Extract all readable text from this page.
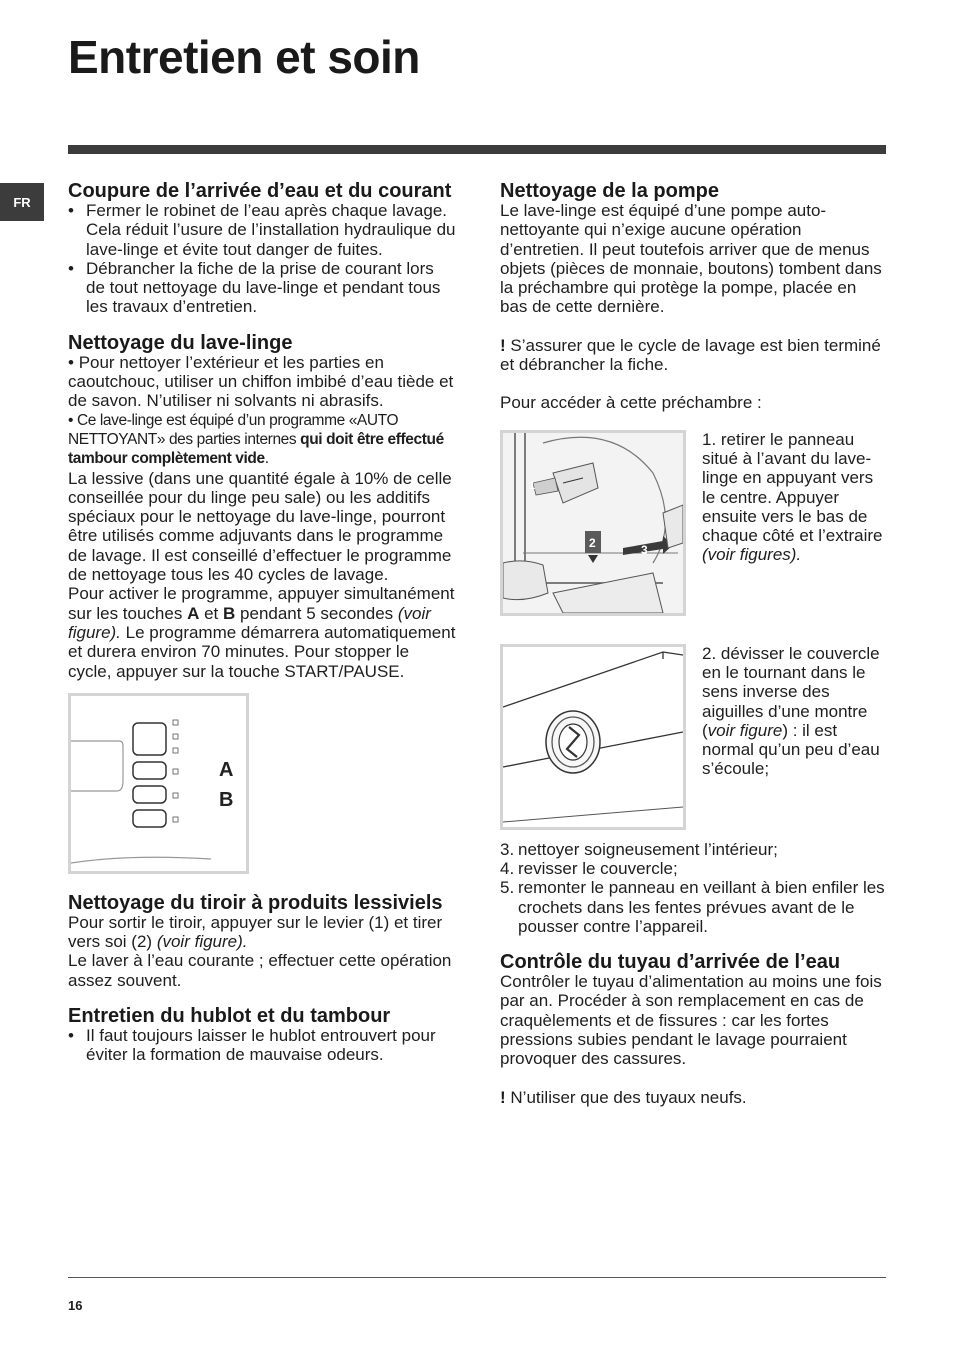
Entretien et soin
FR	Coupure de l’arrivée d’eau et du courant
• Fermer le robinet de l’eau après chaque lavage. Cela réduit l’usure de l’installation hydraulique du lave-linge et évite tout danger de fuites.
• Débrancher la fiche de la prise de courant lors de tout nettoyage du lave-linge et pendant tous les travaux d’entretien.
Nettoyage du lave-linge

• Pour nettoyer l’extérieur et les parties en caoutchouc, utiliser un chiffon imbibé d’eau tiède et de savon. N’utiliser ni solvants ni abrasifs.

• Ce lave-linge est équipé d’un programme «AUTO NETTOYANT» des parties internes qui doit être effectué tambour complètement vide.

La lessive (dans une quantité égale à 10% de celle conseillée pour du linge peu sale) ou les additifs spéciaux pour le nettoyage du lave-linge, pourront être utilisés comme adjuvants dans le programme de lavage. Il est conseillé d’effectuer le programme de nettoyage tous les 40 cycles de lavage.

Pour activer le programme, appuyer simultanément sur les touches A et B pendant 5 secondes (voir figure). Le programme démarrera automatiquement et durera environ 70 minutes. Pour stopper le cycle, appuyer sur la touche START/PAUSE.

A
B
Nettoyage du tiroir à produits lessiviels

Pour sortir le tiroir, appuyer sur le levier (1) et tirer vers soi (2) (voir figure).

Le laver à l’eau courante ; effectuer cette opération assez souvent.

Entretien du hublot et du tambour
• Il faut toujours laisser le hublot entrouvert pour éviter la formation de mauvaise odeurs.
Nettoyage de la pompe

Le lave-linge est équipé d’une pompe auto-nettoyante qui n’exige aucune opération d’entretien. Il peut toutefois arriver que de menus objets (pièces de monnaie, boutons) tombent dans la préchambre qui protège la pompe, placée en bas de cette dernière.

! S’assurer que le cycle de lavage est bien terminé et débrancher la fiche.

Pour accéder à cette préchambre :

1
2	3

1. retirer le panneau situé à l’avant du lave-linge en appuyant vers le centre. Appuyer ensuite vers le bas de chaque côté et l’extraire (voir figures).

2. dévisser le couvercle en le tournant dans le sens inverse des aiguilles d’une montre (voir figure) : il est normal qu’un peu d’eau s’écoule;

3. nettoyer soigneusement l’intérieur;
4. revisser le couvercle;
5. remonter le panneau en veillant à bien enfiler les crochets dans les fentes prévues avant de le pousser contre l’appareil.
Contrôle du tuyau d’arrivée de l’eau

Contrôler le tuyau d’alimentation au moins une fois par an. Procéder à son remplacement en cas de craquèlements et de fissures : car les fortes pressions subies pendant le lavage pourraient provoquer des cassures.

! N’utiliser que des tuyaux neufs.

16
